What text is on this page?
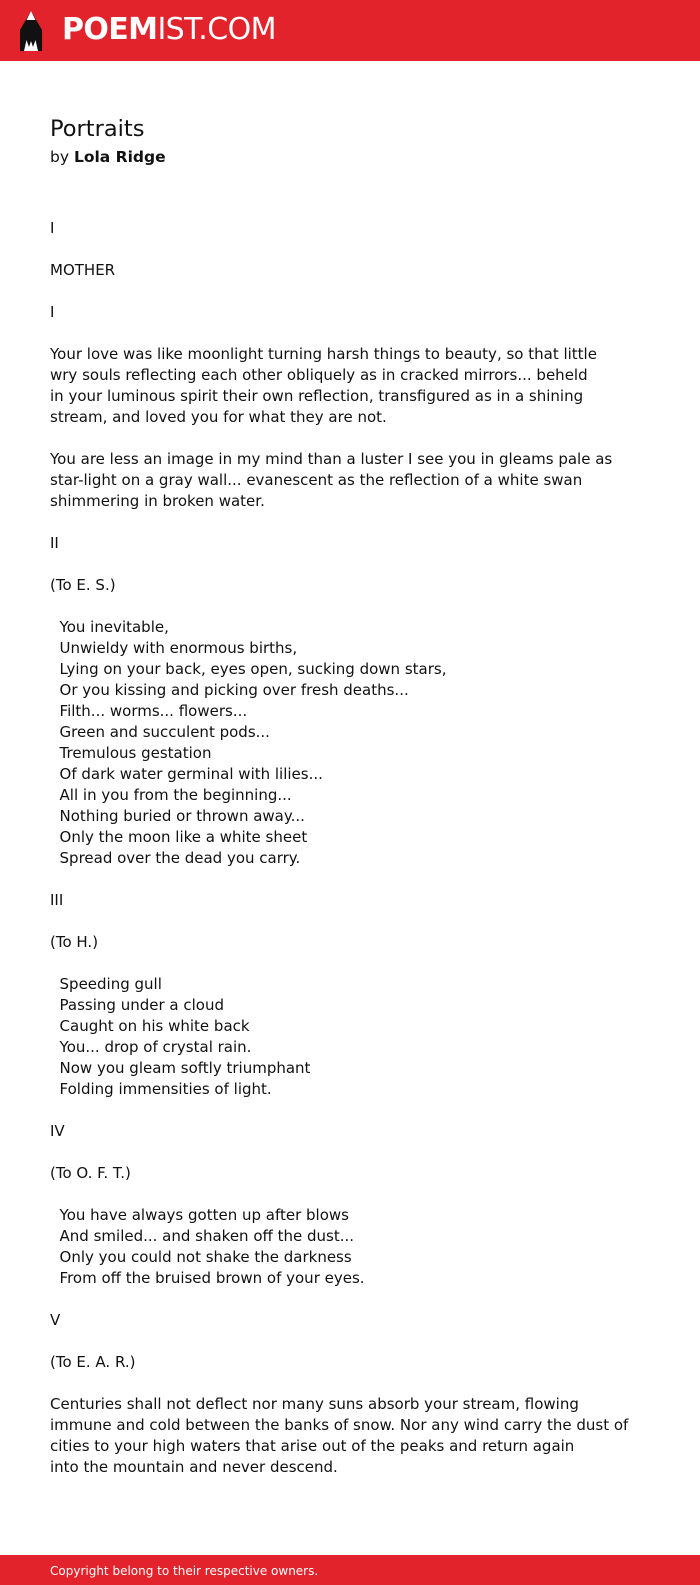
POEMIST.COM
Portraits
by Lola Ridge
I
MOTHER
I
Your love was like moonlight turning harsh things to beauty, so that little
wry souls reflecting each other obliquely as in cracked mirrors... beheld
in your luminous spirit their own reflection, transfigured as in a shining
stream, and loved you for what they are not.
You are less an image in my mind than a luster I see you in gleams pale as
star-light on a gray wall... evanescent as the reflection of a white swan
shimmering in broken water.
II
(To E. S.)
You inevitable,
Unwieldy with enormous births,
Lying on your back, eyes open, sucking down stars,
Or you kissing and picking over fresh deaths...
Filth... worms... flowers...
Green and succulent pods...
Tremulous gestation
Of dark water germinal with lilies...
All in you from the beginning...
Nothing buried or thrown away...
Only the moon like a white sheet
Spread over the dead you carry.
III
(To H.)
Speeding gull
Passing under a cloud
Caught on his white back
You... drop of crystal rain.
Now you gleam softly triumphant
Folding immensities of light.
IV
(To O. F. T.)
You have always gotten up after blows
And smiled... and shaken off the dust...
Only you could not shake the darkness
From off the bruised brown of your eyes.
V
(To E. A. R.)
Centuries shall not deflect nor many suns absorb your stream, flowing
immune and cold between the banks of snow. Nor any wind carry the dust of
cities to your high waters that arise out of the peaks and return again
into the mountain and never descend.
Copyright belong to their respective owners.
